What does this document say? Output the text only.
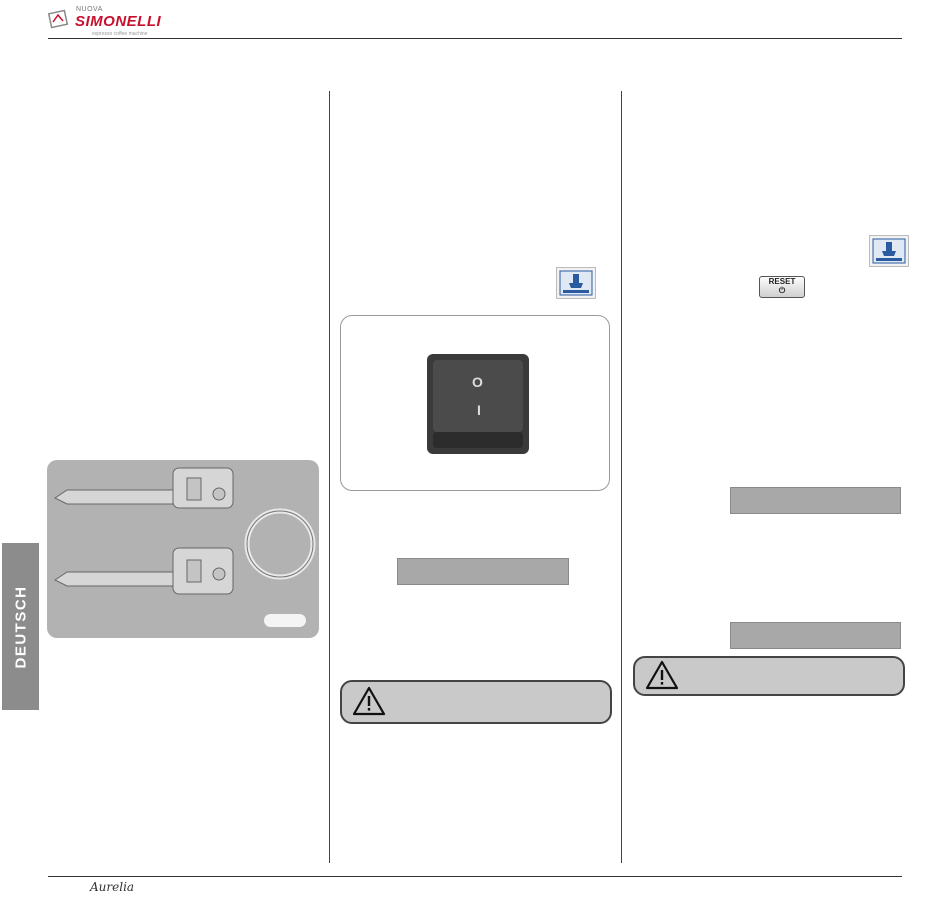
NUOVA
SIMONELLI
espresso coffee machine
DEUTSCH
O
I
RESET
⏻
Aurelia
